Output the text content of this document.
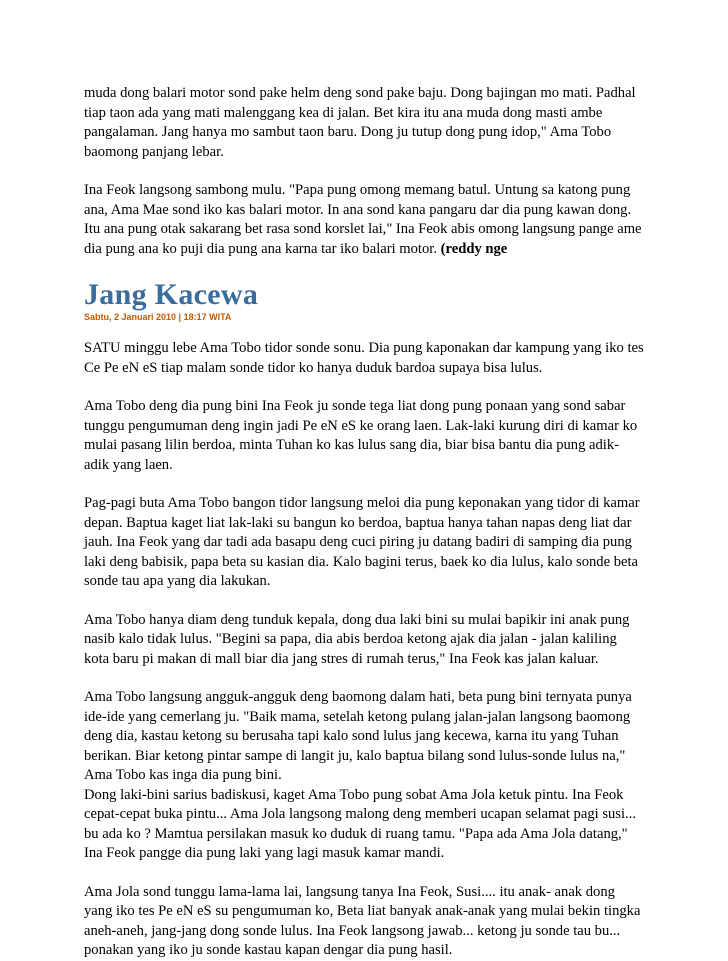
muda dong balari motor sond pake helm deng sond pake baju. Dong bajingan mo mati. Padhal tiap taon ada yang mati malenggang kea di jalan. Bet kira itu ana muda dong masti ambe pangalaman. Jang hanya mo sambut taon baru. Dong ju tutup dong pung idop," Ama Tobo baomong panjang lebar.

Ina Feok langsong sambong mulu. "Papa pung omong memang batul. Untung sa katong pung ana, Ama Mae sond iko kas balari motor. In ana sond kana pangaru dar dia pung kawan dong. Itu ana pung otak sakarang bet rasa sond korslet lai," Ina Feok abis omong langsung pange ame dia pung ana ko puji dia pung ana karna tar iko balari motor. (reddy nge

Jang Kacewa
Sabtu, 2 Januari 2010 | 18:17 WITA

SATU minggu lebe Ama Tobo tidor sonde sonu. Dia pung kaponakan dar kampung yang iko tes Ce Pe eN eS tiap malam sonde tidor ko hanya duduk bardoa supaya bisa lulus.

Ama Tobo deng dia pung bini Ina Feok ju sonde tega liat dong pung ponaan yang sond sabar tunggu pengumuman deng ingin jadi Pe eN eS ke orang laen. Lak-laki kurung diri di kamar ko mulai pasang lilin berdoa, minta Tuhan ko kas lulus sang dia, biar bisa bantu dia pung adik-adik yang laen.

Pag-pagi buta Ama Tobo bangon tidor langsung meloi dia pung keponakan yang tidor di kamar depan. Baptua kaget liat lak-laki su bangun ko berdoa, baptua hanya tahan napas deng liat dar jauh. Ina Feok yang dar tadi ada basapu deng cuci piring ju datang badiri di samping dia pung laki deng babisik, papa beta su kasian dia. Kalo bagini terus, baek ko dia lulus, kalo sonde beta sonde tau apa yang dia lakukan.

Ama Tobo hanya diam deng tunduk kepala, dong dua laki bini su mulai bapikir ini anak pung nasib kalo tidak lulus. "Begini sa papa, dia abis berdoa ketong ajak dia jalan - jalan kaliling kota baru pi makan di mall biar dia jang stres di rumah terus," Ina Feok kas jalan kaluar.

Ama Tobo langsung angguk-angguk deng baomong dalam hati, beta pung bini ternyata punya ide-ide yang cemerlang ju. "Baik mama, setelah ketong pulang jalan-jalan langsong baomong deng dia, kastau ketong su berusaha tapi kalo sond lulus jang kecewa, karna itu yang Tuhan berikan. Biar ketong pintar sampe di langit ju, kalo baptua bilang sond lulus-sonde lulus na," Ama Tobo kas inga dia pung bini.

Dong laki-bini sarius badiskusi, kaget Ama Tobo pung sobat Ama Jola ketuk pintu. Ina Feok cepat-cepat buka pintu... Ama Jola langsong malong deng memberi ucapan selamat pagi susi... bu ada ko ? Mamtua persilakan masuk ko duduk di ruang tamu. "Papa ada Ama Jola datang," Ina Feok pangge dia pung laki yang lagi masuk kamar mandi.

Ama Jola sond tunggu lama-lama lai, langsung tanya Ina Feok, Susi.... itu anak- anak dong yang iko tes Pe eN eS su pengumuman ko, Beta liat banyak anak-anak yang mulai bekin tingka aneh-aneh, jang-jang dong sonde lulus. Ina Feok langsong jawab... ketong ju sonde tau bu... ponakan yang iko ju sonde kastau kapan dengar dia pung hasil.
